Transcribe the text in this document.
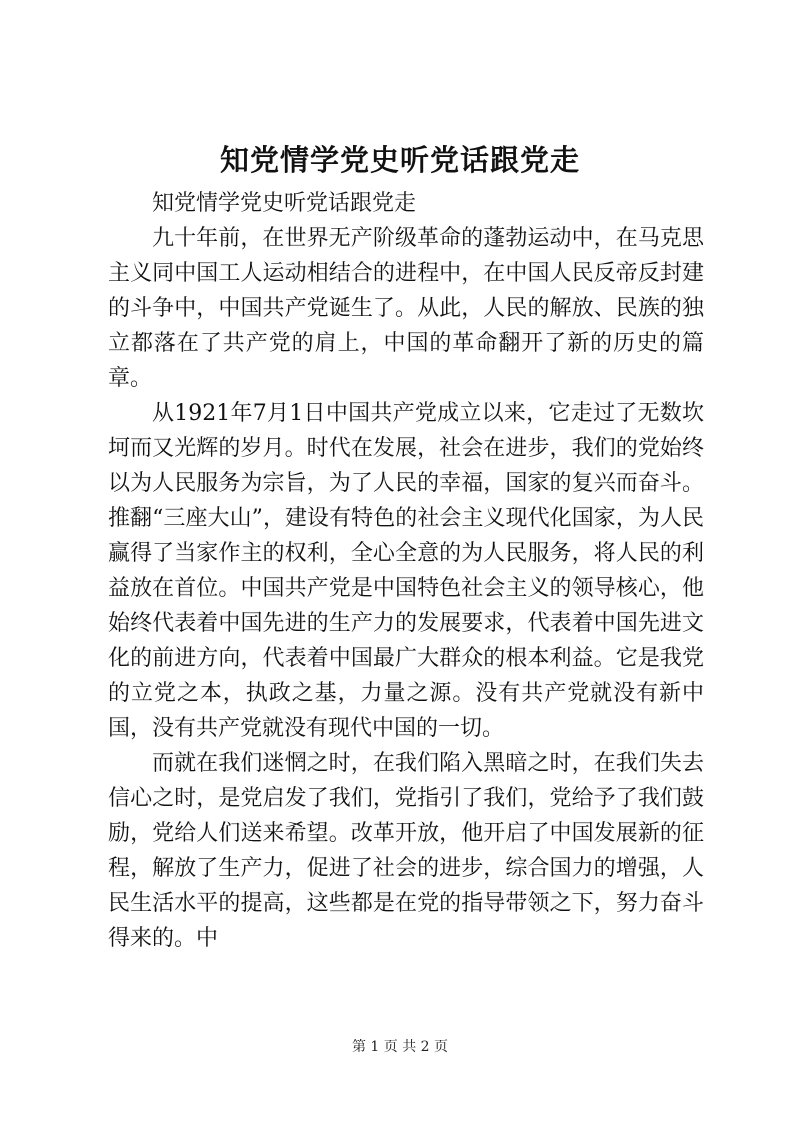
知党情学党史听党话跟党走

知党情学党史听党话跟党走

九十年前，在世界无产阶级革命的蓬勃运动中，在马克思主义同中国工人运动相结合的进程中，在中国人民反帝反封建的斗争中，中国共产党诞生了。从此，人民的解放、民族的独立都落在了共产党的肩上，中国的革命翻开了新的历史的篇章。

从1921年7月1日中国共产党成立以来，它走过了无数坎坷而又光辉的岁月。时代在发展，社会在进步，我们的党始终以为人民服务为宗旨，为了人民的幸福，国家的复兴而奋斗。推翻“三座大山”，建设有特色的社会主义现代化国家，为人民赢得了当家作主的权利，全心全意的为人民服务，将人民的利益放在首位。中国共产党是中国特色社会主义的领导核心，他始终代表着中国先进的生产力的发展要求，代表着中国先进文化的前进方向，代表着中国最广大群众的根本利益。它是我党的立党之本，执政之基，力量之源。没有共产党就没有新中国，没有共产党就没有现代中国的一切。

而就在我们迷惘之时，在我们陷入黑暗之时，在我们失去信心之时，是党启发了我们，党指引了我们，党给予了我们鼓励，党给人们送来希望。改革开放，他开启了中国发展新的征程，解放了生产力，促进了社会的进步，综合国力的增强，人民生活水平的提高，这些都是在党的指导带领之下，努力奋斗得来的。中

第 1 页 共 2 页
